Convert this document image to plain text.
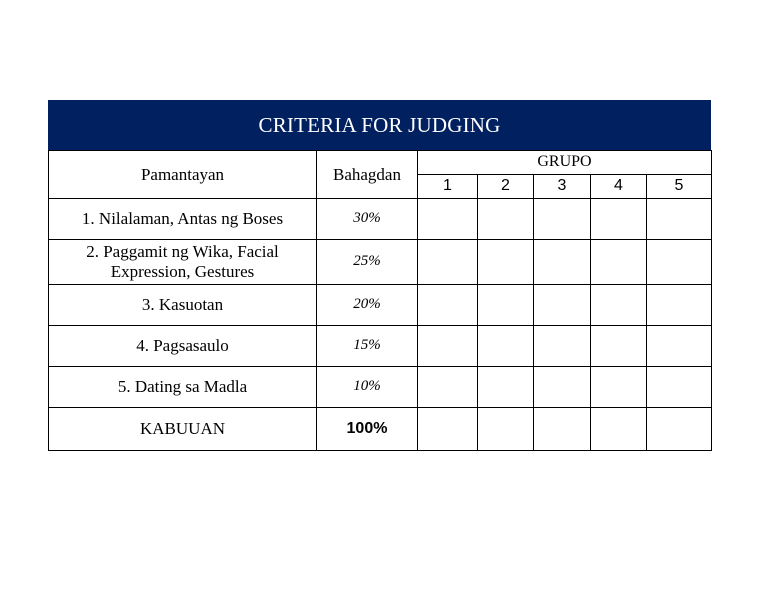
CRITERIA FOR JUDGING
Pamantayan	Bahagdan	GRUPO				
		1	2	3	4	5
1. Nilalaman, Antas ng Boses	30%					
2. Paggamit ng Wika, Facial Expression, Gestures	25%					
3. Kasuotan	20%					
4. Pagsasaulo	15%					
5. Dating sa Madla	10%					
KABUUAN	100%					
